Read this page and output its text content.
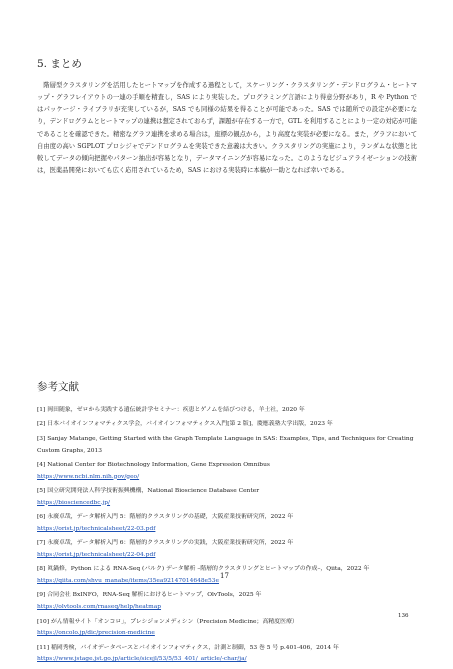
5. まとめ

階層型クラスタリングを活用したヒートマップを作成する過程として，スケーリング・クラスタリング・デンドログラム・ヒートマップ・グラフレイアウトの一連の手順を精査し，SAS により実装した。プログラミング言語により得意分野があり，R や Python ではパッケージ・ライブラリが充実しているが，SAS でも同様の結果を得ることが可能であった。SAS では随所での設定が必要になり，デンドログラムとヒートマップの連携は想定されておらず，課題が存在する一方で，GTL を利用することにより一定の対応が可能であることを確認できた。精密なグラフ連携を求める場合は，座標の観点から，より高度な実装が必要になる。また，グラフにおいて自由度の高い SGPLOT プロシジャでデンドログラムを実装できた意義は大きい。クラスタリングの実施により，ランダムな状態と比較してデータの傾向把握やパターン抽出が容易となり，データマイニングが容易になった。このようなビジュアライゼーションの技術は，医薬品開発においても広く応用されているため，SAS における実装時に本稿が一助となれば幸いである。

参考文献
[1] 岡田随象，ゼロから実践する遺伝統計学セミナー：疾患とゲノムを結びつける，羊土社，2020 年
[2] 日本バイオインフォマティクス学会，バイオインフォマティクス入門[第 2 版]，慶應義塾大学出版，2023 年
[3] Sanjay Matange, Getting Started with the Graph Template Language in SAS: Examples, Tips, and Techniques for Creating Custom Graphs, 2013
[4] National Center for Biotechnology Information, Gene Expression Omnibus
https://www.ncbi.nlm.nih.gov/geo/
[5] 国立研究開発法人科学技術振興機構，National Bioscience Database Center
https://biosciencedbc.jp/
[6] 永廣卓哉，データ解析入門 5：階層的クラスタリングの基礎，大阪産業技術研究所，2022 年
https://orist.jp/technicalsheet/22-03.pdf
[7] 永廣卓哉，データ解析入門 6：階層的クラスタリングの実践，大阪産業技術研究所，2022 年
https://orist.jp/technicalsheet/22-04.pdf
[8] 眞鍋修，Python による RNA-Seq (バルク) データ解析 –階層的クラスタリングとヒートマップの作成–，Qiita，2022 年
https://qiita.com/shvu_manabe/items/35ea92147014648e53e
[9] 合同会社 BxINFO，RNA-Seq 解析におけるヒートマップ，OlvTools，2025 年
https://olvtools.com/rnaseq/help/heatmap
[10] がん情報サイト「オンコロ」，プレシジョンメディシン（Precision Medicine；高精度医療）
https://oncolo.jp/dic/precision-medicine
[11] 稲岡秀検，バイオデータベースとバイオインフォマティクス，計測と制御，53 巻 5 号 p.401-406，2014 年
https://www.jstage.jst.go.jp/article/sicejl/53/5/53_401/_article/-char/ja/
17
136
